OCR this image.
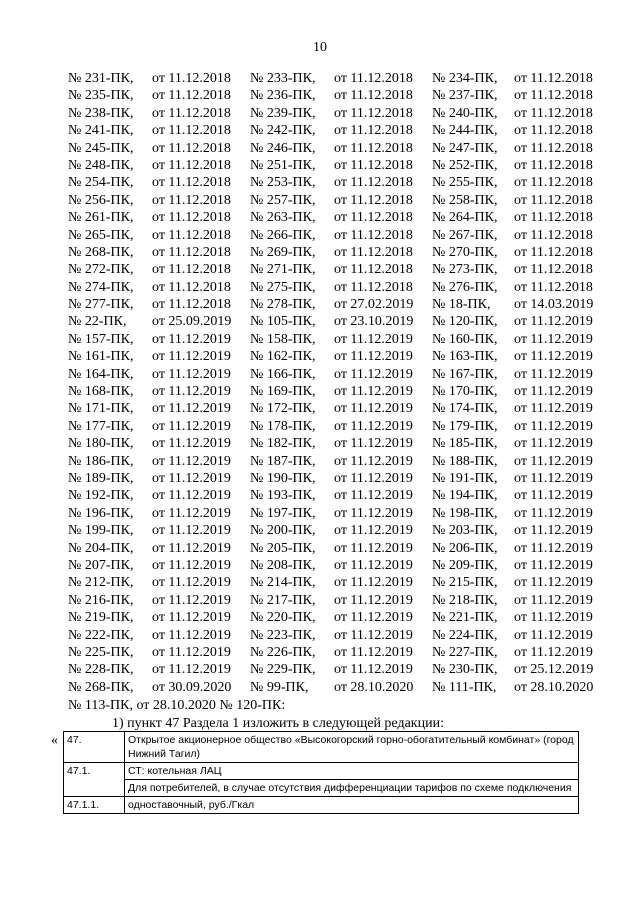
10
№ 231-ПК, от 11.12.2018 № 233-ПК, от 11.12.2018 № 234-ПК, от 11.12.2018
№ 235-ПК, от 11.12.2018 № 236-ПК, от 11.12.2018 № 237-ПК, от 11.12.2018
№ 238-ПК, от 11.12.2018 № 239-ПК, от 11.12.2018 № 240-ПК, от 11.12.2018
№ 241-ПК, от 11.12.2018 № 242-ПК, от 11.12.2018 № 244-ПК, от 11.12.2018
№ 245-ПК, от 11.12.2018 № 246-ПК, от 11.12.2018 № 247-ПК, от 11.12.2018
№ 248-ПК, от 11.12.2018 № 251-ПК, от 11.12.2018 № 252-ПК, от 11.12.2018
№ 254-ПК, от 11.12.2018 № 253-ПК, от 11.12.2018 № 255-ПК, от 11.12.2018
№ 256-ПК, от 11.12.2018 № 257-ПК, от 11.12.2018 № 258-ПК, от 11.12.2018
№ 261-ПК, от 11.12.2018 № 263-ПК, от 11.12.2018 № 264-ПК, от 11.12.2018
№ 265-ПК, от 11.12.2018 № 266-ПК, от 11.12.2018 № 267-ПК, от 11.12.2018
№ 268-ПК, от 11.12.2018 № 269-ПК, от 11.12.2018 № 270-ПК, от 11.12.2018
№ 272-ПК, от 11.12.2018 № 271-ПК, от 11.12.2018 № 273-ПК, от 11.12.2018
№ 274-ПК, от 11.12.2018 № 275-ПК, от 11.12.2018 № 276-ПК, от 11.12.2018
№ 277-ПК, от 11.12.2018 № 278-ПК, от 27.02.2019 № 18-ПК, от 14.03.2019
№ 22-ПК, от 25.09.2019 № 105-ПК, от 23.10.2019 № 120-ПК, от 11.12.2019
№ 157-ПК, от 11.12.2019 № 158-ПК, от 11.12.2019 № 160-ПК, от 11.12.2019
№ 161-ПК, от 11.12.2019 № 162-ПК, от 11.12.2019 № 163-ПК, от 11.12.2019
№ 164-ПК, от 11.12.2019 № 166-ПК, от 11.12.2019 № 167-ПК, от 11.12.2019
№ 168-ПК, от 11.12.2019 № 169-ПК, от 11.12.2019 № 170-ПК, от 11.12.2019
№ 171-ПК, от 11.12.2019 № 172-ПК, от 11.12.2019 № 174-ПК, от 11.12.2019
№ 177-ПК, от 11.12.2019 № 178-ПК, от 11.12.2019 № 179-ПК, от 11.12.2019
№ 180-ПК, от 11.12.2019 № 182-ПК, от 11.12.2019 № 185-ПК, от 11.12.2019
№ 186-ПК, от 11.12.2019 № 187-ПК, от 11.12.2019 № 188-ПК, от 11.12.2019
№ 189-ПК, от 11.12.2019 № 190-ПК, от 11.12.2019 № 191-ПК, от 11.12.2019
№ 192-ПК, от 11.12.2019 № 193-ПК, от 11.12.2019 № 194-ПК, от 11.12.2019
№ 196-ПК, от 11.12.2019 № 197-ПК, от 11.12.2019 № 198-ПК, от 11.12.2019
№ 199-ПК, от 11.12.2019 № 200-ПК, от 11.12.2019 № 203-ПК, от 11.12.2019
№ 204-ПК, от 11.12.2019 № 205-ПК, от 11.12.2019 № 206-ПК, от 11.12.2019
№ 207-ПК, от 11.12.2019 № 208-ПК, от 11.12.2019 № 209-ПК, от 11.12.2019
№ 212-ПК, от 11.12.2019 № 214-ПК, от 11.12.2019 № 215-ПК, от 11.12.2019
№ 216-ПК, от 11.12.2019 № 217-ПК, от 11.12.2019 № 218-ПК, от 11.12.2019
№ 219-ПК, от 11.12.2019 № 220-ПК, от 11.12.2019 № 221-ПК, от 11.12.2019
№ 222-ПК, от 11.12.2019 № 223-ПК, от 11.12.2019 № 224-ПК, от 11.12.2019
№ 225-ПК, от 11.12.2019 № 226-ПК, от 11.12.2019 № 227-ПК, от 11.12.2019
№ 228-ПК, от 11.12.2019 № 229-ПК, от 11.12.2019 № 230-ПК, от 25.12.2019
№ 268-ПК, от 30.09.2020 № 99-ПК, от 28.10.2020 № 111-ПК, от 28.10.2020
№ 113-ПК, от 28.10.2020 № 120-ПК:
1) пункт 47 Раздела 1 изложить в следующей редакции:
« 47.	Открытое акционерное общество «Высокогорский горно-обогатительный комбинат» (город Нижний Тагил)
47.1.	СТ: котельная ЛАЦ
	Для потребителей, в случае отсутствия дифференциации тарифов по схеме подключения
47.1.1.	одноставочный, руб./Гкал
